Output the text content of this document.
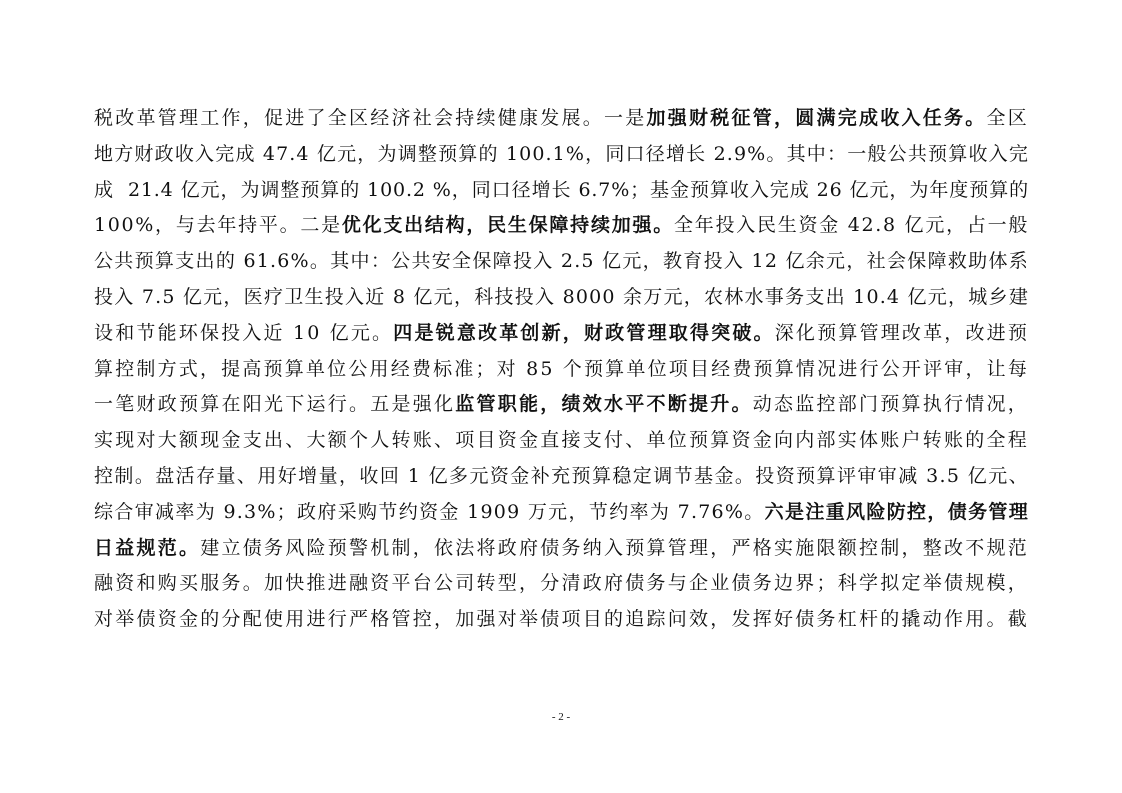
税改革管理工作，促进了全区经济社会持续健康发展。一是加强财税征管，圆满完成收入任务。全区
地方财政收入完成 47.4 亿元，为调整预算的 100.1%，同口径增长 2.9%。其中：一般公共预算收入完
成  21.4 亿元，为调整预算的 100.2 %，同口径增长 6.7%；基金预算收入完成 26 亿元，为年度预算的
100%，与去年持平。二是优化支出结构，民生保障持续加强。全年投入民生资金 42.8 亿元，占一般
公共预算支出的 61.6%。其中：公共安全保障投入 2.5 亿元，教育投入 12 亿余元，社会保障救助体系
投入 7.5 亿元，医疗卫生投入近 8 亿元，科技投入 8000 余万元，农林水事务支出 10.4 亿元，城乡建
设和节能环保投入近 10 亿元。四是锐意改革创新，财政管理取得突破。深化预算管理改革，改进预
算控制方式，提高预算单位公用经费标准；对 85 个预算单位项目经费预算情况进行公开评审，让每
一笔财政预算在阳光下运行。五是强化监管职能，绩效水平不断提升。动态监控部门预算执行情况，
实现对大额现金支出、大额个人转账、项目资金直接支付、单位预算资金向内部实体账户转账的全程
控制。盘活存量、用好增量，收回 1 亿多元资金补充预算稳定调节基金。投资预算评审审减 3.5 亿元、
综合审减率为 9.3%；政府采购节约资金 1909 万元，节约率为 7.76%。六是注重风险防控，债务管理
日益规范。建立债务风险预警机制，依法将政府债务纳入预算管理，严格实施限额控制，整改不规范
融资和购买服务。加快推进融资平台公司转型，分清政府债务与企业债务边界；科学拟定举债规模，
对举债资金的分配使用进行严格管控，加强对举债项目的追踪问效，发挥好债务杠杆的撬动作用。截
- 2 -
